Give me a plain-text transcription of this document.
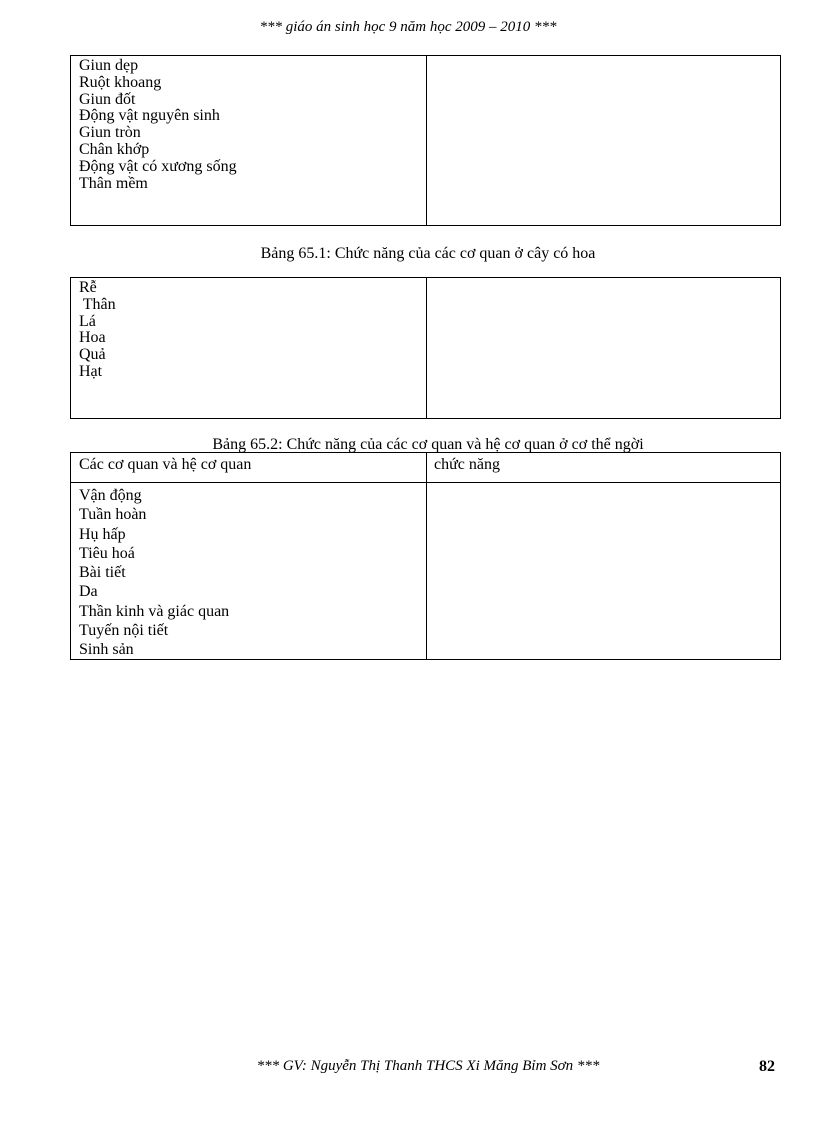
*** giáo án sinh học 9 năm học 2009 – 2010 ***
Giun dẹp
Ruột khoang
Giun đốt
Động vật nguyên sinh
Giun tròn
Chân khớp
Động vật có xương sống
Thân mềm
Bảng 65.1: Chức năng của các cơ quan ở cây có hoa
Rễ
Thân
Lá
Hoa
Quả
Hạt
Bảng 65.2: Chức năng của các cơ quan và hệ cơ quan ở cơ thể ngời
Các cơ quan và hệ cơ quan	chức năng
Vận động
Tuần hoàn
Hụ hấp
Tiêu hoá
Bài tiết
Da
Thần kinh và giác quan
Tuyến nội tiết
Sinh sản
*** GV: Nguyễn Thị Thanh THCS Xi Măng Bỉm Sơn ***	82
